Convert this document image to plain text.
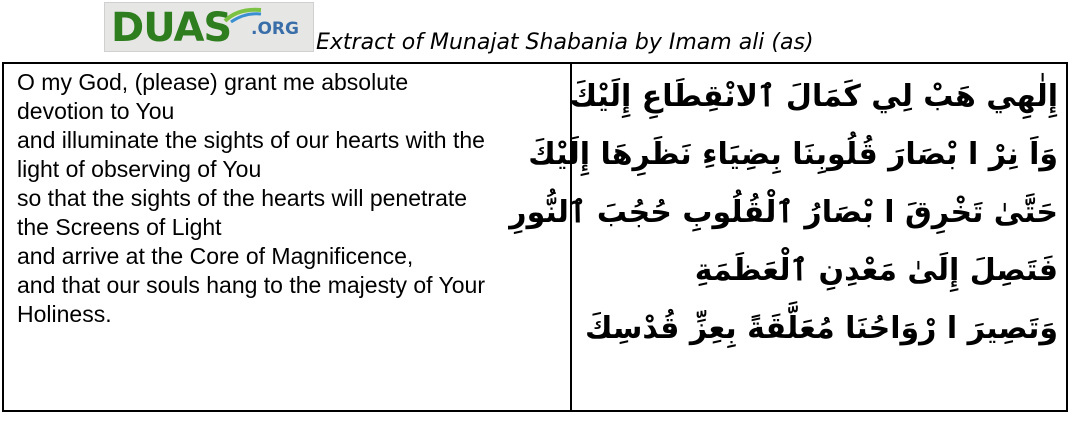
DUAS .ORG
Extract of Munajat Shabania by Imam ali (as)
O my God, (please) grant me absolute
devotion to You
and illuminate the sights of our hearts with the
light of observing of You
so that the sights of the hearts will penetrate
the Screens of Light
and arrive at the Core of Magnificence,
and that our souls hang to the majesty of Your
Holiness.
إِلٰهِي هَبْ لِي كَمَالَ ٱلانْقِطَاعِ إِلَيْكَ
وَاَ نِرْ ا بْصَارَ قُلُوبِنَا بِضِيَاءِ نَظَرِهَا إِلَيْكَ
حَتَّىٰ تَخْرِقَ ا بْصَارُ ٱلْقُلُوبِ حُجُبَ ٱلنُّورِ
فَتَصِلَ إِلَىٰ مَعْدِنِ ٱلْعَظَمَةِ
وَتَصِيرَ ا رْوَاحُنَا مُعَلَّقَةً بِعِزِّ قُدْسِكَ
